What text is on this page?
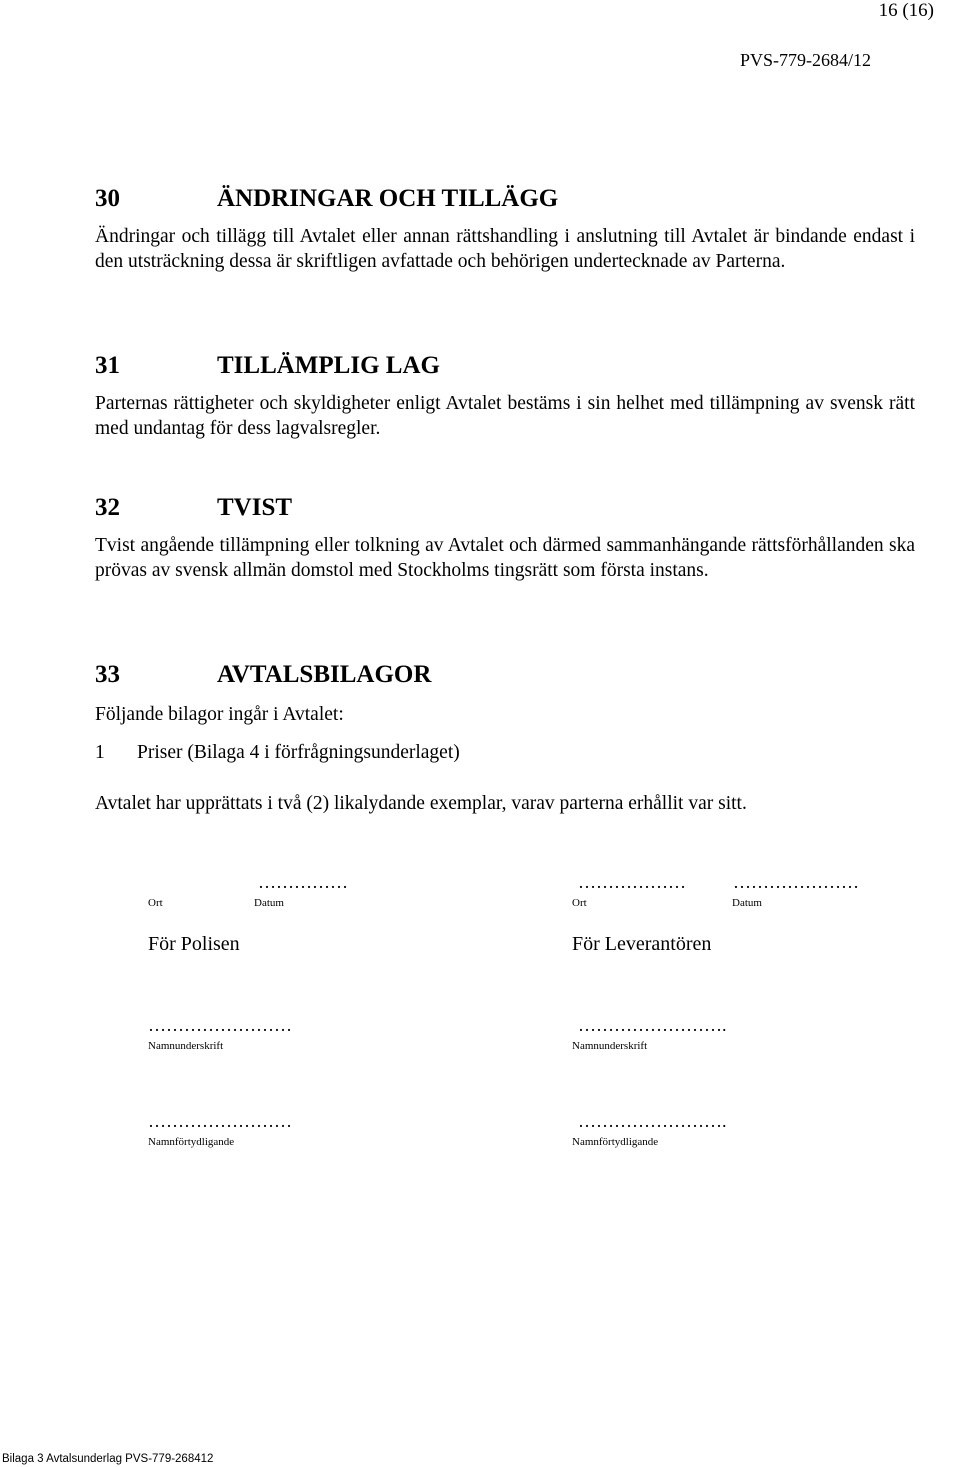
16 (16)
PVS-779-2684/12
30	ÄNDRINGAR OCH TILLÄGG
Ändringar och tillägg till Avtalet eller annan rättshandling i anslutning till Avtalet är bindande endast i den utsträckning dessa är skriftligen avfattade och behörigen undertecknade av Parterna.
31	TILLÄMPLIG LAG
Parternas rättigheter och skyldigheter enligt Avtalet bestäms i sin helhet med tillämpning av svensk rätt med undantag för dess lagvalsregler.
32	TVIST
Tvist angående tillämpning eller tolkning av Avtalet och därmed sammanhängande rättsförhållanden ska prövas av svensk allmän domstol med Stockholms tingsrätt som första instans.
33	AVTALSBILAGOR
Följande bilagor ingår i Avtalet:
1	Priser (Bilaga 4 i förfrågningsunderlaget)
Avtalet har upprättats i två (2) likalydande exemplar, varav parterna erhållit var sitt.
……………
Ort	Datum
För Polisen
……………………
Namnunderskrift
……………………
Namnförtydligande
………………	…………………
Ort	Datum
För Leverantören
…………………….
Namnunderskrift
…………………….
Namnförtydligande
Bilaga 3 Avtalsunderlag PVS-779-268412
